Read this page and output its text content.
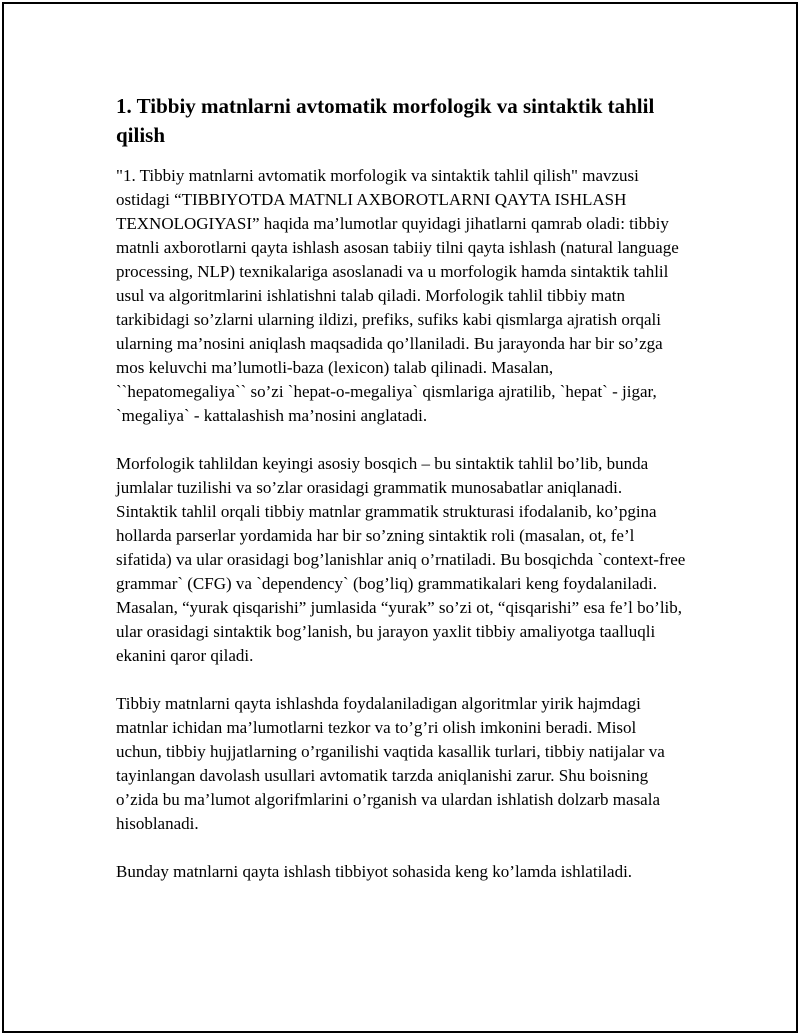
1. Tibbiy matnlarni avtomatik morfologik va sintaktik tahlil qilish

"1. Tibbiy matnlarni avtomatik morfologik va sintaktik tahlil qilish" mavzusi ostidagi “TIBBIYOTDA MATNLI AXBOROTLARNI QAYTA ISHLASH TEXNOLOGIYASI” haqida ma’lumotlar quyidagi jihatlarni qamrab oladi: tibbiy matnli axborotlarni qayta ishlash asosan tabiiy tilni qayta ishlash (natural language processing, NLP) texnikalariga asoslanadi va u morfologik hamda sintaktik tahlil usul va algoritmlarini ishlatishni talab qiladi. Morfologik tahlil tibbiy matn tarkibidagi so’zlarni ularning ildizi, prefiks, sufiks kabi qismlarga ajratish orqali ularning ma’nosini aniqlash maqsadida qo’llaniladi. Bu jarayonda har bir so’zga mos keluvchi ma’lumotli-baza (lexicon) talab qilinadi. Masalan, ``hepatomegaliya`` so’zi `hepat-o-megaliya` qismlariga ajratilib, `hepat` - jigar, `megaliya` - kattalashish ma’nosini anglatadi.

Morfologik tahlildan keyingi asosiy bosqich – bu sintaktik tahlil bo’lib, bunda jumlalar tuzilishi va so’zlar orasidagi grammatik munosabatlar aniqlanadi. Sintaktik tahlil orqali tibbiy matnlar grammatik strukturasi ifodalanib, ko’pgina hollarda parserlar yordamida har bir so’zning sintaktik roli (masalan, ot, fe’l sifatida) va ular orasidagi bog’lanishlar aniq o’rnatiladi. Bu bosqichda `context-free grammar` (CFG) va `dependency` (bog’liq) grammatikalari keng foydalaniladi. Masalan, “yurak qisqarishi” jumlasida “yurak” so’zi ot, “qisqarishi” esa fe’l bo’lib, ular orasidagi sintaktik bog’lanish, bu jarayon yaxlit tibbiy amaliyotga taalluqli ekanini qaror qiladi.

Tibbiy matnlarni qayta ishlashda foydalaniladigan algoritmlar yirik hajmdagi matnlar ichidan ma’lumotlarni tezkor va to’g’ri olish imkonini beradi. Misol uchun, tibbiy hujjatlarning o’rganilishi vaqtida kasallik turlari, tibbiy natijalar va tayinlangan davolash usullari avtomatik tarzda aniqlanishi zarur. Shu boisning o’zida bu ma’lumot algorifmlarini o’rganish va ulardan ishlatish dolzarb masala hisoblanadi.

Bunday matnlarni qayta ishlash tibbiyot sohasida keng ko’lamda ishlatiladi.
